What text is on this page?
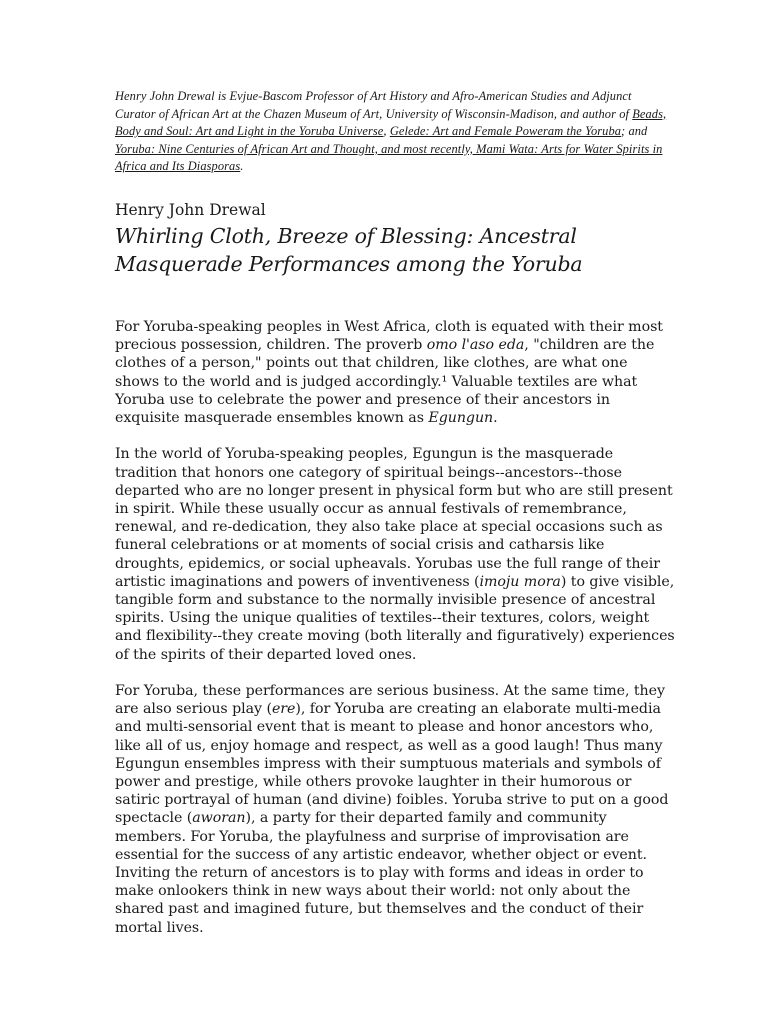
Henry John Drewal is Evjue-Bascom Professor of Art History and Afro-American Studies and Adjunct Curator of African Art at the Chazen Museum of Art, University of Wisconsin-Madison, and author of Beads, Body and Soul: Art and Light in the Yoruba Universe, Gelede: Art and Female Poweram the Yoruba; and Yoruba: Nine Centuries of African Art and Thought, and most recently, Mami Wata: Arts for Water Spirits in Africa and Its Diasporas.

Henry John Drewal
Whirling Cloth, Breeze of Blessing: Ancestral Masquerade Performances among the Yoruba

For Yoruba-speaking peoples in West Africa, cloth is equated with their most precious possession, children. The proverb omo l'aso eda, "children are the clothes of a person," points out that children, like clothes, are what one shows to the world and is judged accordingly.¹ Valuable textiles are what Yoruba use to celebrate the power and presence of their ancestors in exquisite masquerade ensembles known as Egungun.

In the world of Yoruba-speaking peoples, Egungun is the masquerade tradition that honors one category of spiritual beings--ancestors--those departed who are no longer present in physical form but who are still present in spirit. While these usually occur as annual festivals of remembrance, renewal, and re-dedication, they also take place at special occasions such as funeral celebrations or at moments of social crisis and catharsis like droughts, epidemics, or social upheavals. Yorubas use the full range of their artistic imaginations and powers of inventiveness (imoju mora) to give visible, tangible form and substance to the normally invisible presence of ancestral spirits. Using the unique qualities of textiles--their textures, colors, weight and flexibility--they create moving (both literally and figuratively) experiences of the spirits of their departed loved ones.

For Yoruba, these performances are serious business. At the same time, they are also serious play (ere), for Yoruba are creating an elaborate multi-media and multi-sensorial event that is meant to please and honor ancestors who, like all of us, enjoy homage and respect, as well as a good laugh! Thus many Egungun ensembles impress with their sumptuous materials and symbols of power and prestige, while others provoke laughter in their humorous or satiric portrayal of human (and divine) foibles. Yoruba strive to put on a good spectacle (aworan), a party for their departed family and community members. For Yoruba, the playfulness and surprise of improvisation are essential for the success of any artistic endeavor, whether object or event. Inviting the return of ancestors is to play with forms and ideas in order to make onlookers think in new ways about their world: not only about the shared past and imagined future, but themselves and the conduct of their mortal lives.
